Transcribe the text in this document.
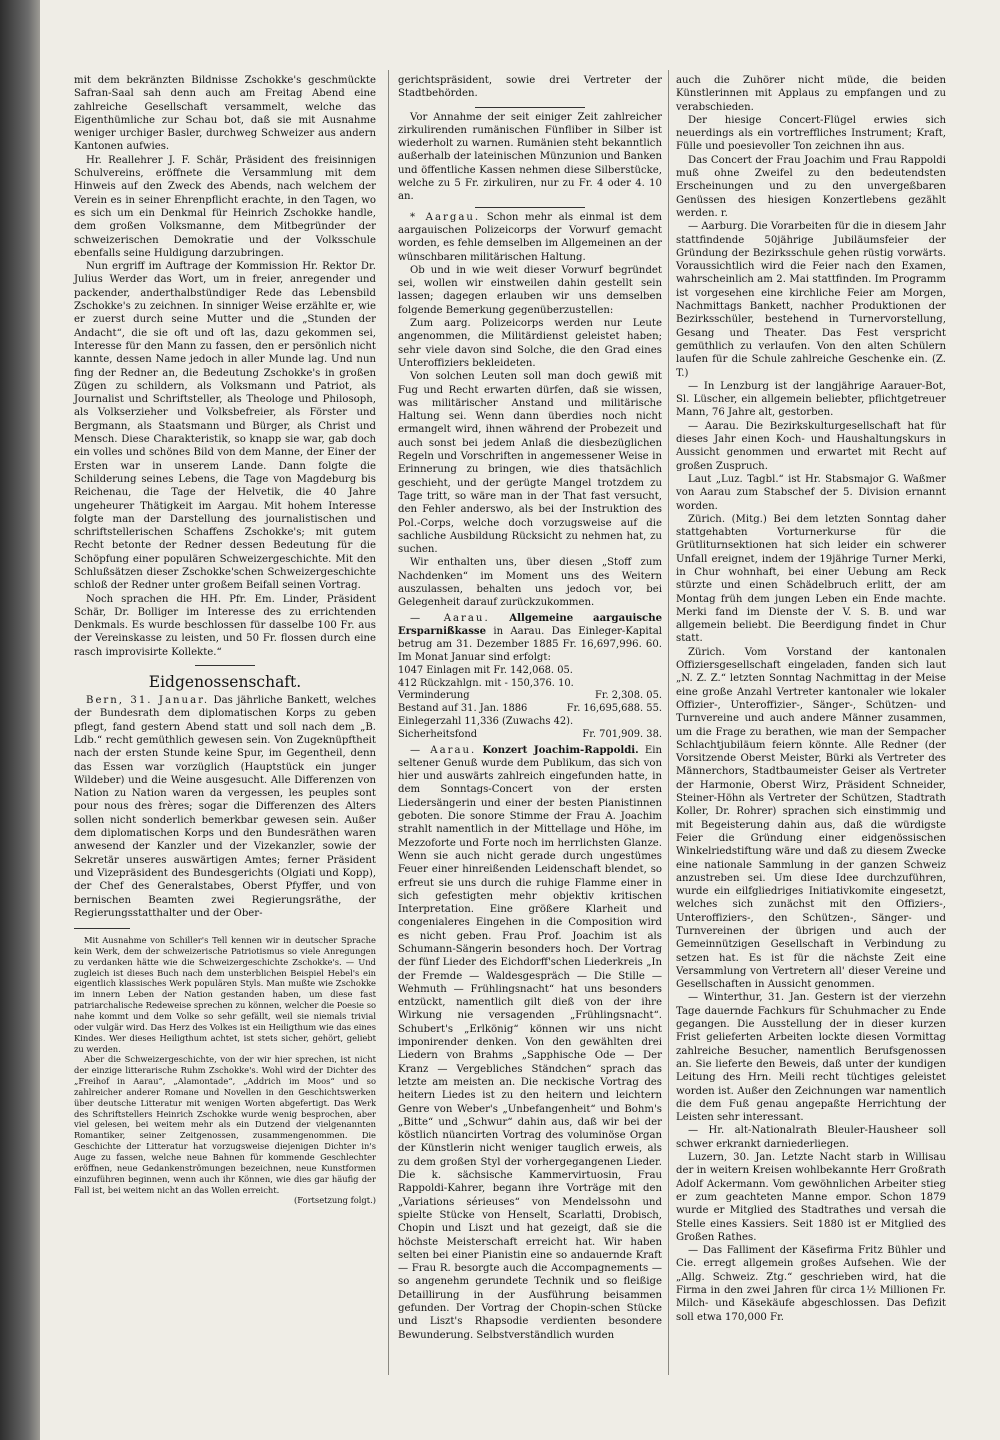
mit dem bekränzten Bildnisse Zschokke's geschmückte Safran-Saal sah denn auch am Freitag Abend eine zahlreiche Gesellschaft versammelt, welche das Eigenthümliche zur Schau bot, daß sie mit Ausnahme weniger urchiger Basler, durchweg Schweizer aus andern Kantonen aufwies.

Hr. Reallehrer J. F. Schär, Präsident des freisinnigen Schulvereins, eröffnete die Versammlung mit dem Hinweis auf den Zweck des Abends, nach welchem der Verein es in seiner Ehrenpflicht erachte, in den Tagen, wo es sich um ein Denkmal für Heinrich Zschokke handle, dem großen Volksmanne, dem Mitbegründer der schweizerischen Demokratie und der Volksschule ebenfalls seine Huldigung darzubringen.

Nun ergriff im Auftrage der Kommission Hr. Rektor Dr. Julius Werder das Wort, um in freier, anregender und packender, anderthalbstündiger Rede das Lebensbild Zschokke's zu zeichnen. In sinniger Weise erzählte er, wie er zuerst durch seine Mutter und die „Stunden der Andacht“, die sie oft und oft las, dazu gekommen sei, Interesse für den Mann zu fassen, den er persönlich nicht kannte, dessen Name jedoch in aller Munde lag. Und nun fing der Redner an, die Bedeutung Zschokke's in großen Zügen zu schildern, als Volksmann und Patriot, als Journalist und Schriftsteller, als Theologe und Philosoph, als Volkserzieher und Volksbefreier, als Förster und Bergmann, als Staatsmann und Bürger, als Christ und Mensch. Diese Charakteristik, so knapp sie war, gab doch ein volles und schönes Bild von dem Manne, der Einer der Ersten war in unserem Lande. Dann folgte die Schilderung seines Lebens, die Tage von Magdeburg bis Reichenau, die Tage der Helvetik, die 40 Jahre ungeheurer Thätigkeit im Aargau. Mit hohem Interesse folgte man der Darstellung des journalistischen und schriftstellerischen Schaffens Zschokke's; mit gutem Recht betonte der Redner dessen Bedeutung für die Schöpfung einer populären Schweizergeschichte. Mit den Schlußsätzen dieser Zschokke'schen Schweizergeschichte schloß der Redner unter großem Beifall seinen Vortrag.

Noch sprachen die HH. Pfr. Em. Linder, Präsident Schär, Dr. Bolliger im Interesse des zu errichtenden Denkmals. Es wurde beschlossen für dasselbe 100 Fr. aus der Vereinskasse zu leisten, und 50 Fr. flossen durch eine rasch improvisirte Kollekte.“

Eidgenossenschaft.

Bern, 31. Januar. Das jährliche Bankett, welches der Bundesrath dem diplomatischen Korps zu geben pflegt, fand gestern Abend statt und soll nach dem „B. Ldb.“ recht gemüthlich gewesen sein. Von Zugeknüpftheit nach der ersten Stunde keine Spur, im Gegentheil, denn das Essen war vorzüglich (Hauptstück ein junger Wildeber) und die Weine ausgesucht. Alle Differenzen von Nation zu Nation waren da vergessen, les peuples sont pour nous des frères; sogar die Differenzen des Alters sollen nicht sonderlich bemerkbar gewesen sein. Außer dem diplomatischen Korps und den Bundesräthen waren anwesend der Kanzler und der Vizekanzler, sowie der Sekretär unseres auswärtigen Amtes; ferner Präsident und Vizepräsident des Bundesgerichts (Olgiati und Kopp), der Chef des Generalstabes, Oberst Pfyffer, und von bernischen Beamten zwei Regierungsräthe, der Regierungsstatthalter und der Ober-

Mit Ausnahme von Schiller's Tell kennen wir in deutscher Sprache kein Werk, dem der schweizerische Patriotismus so viele Anregungen zu verdanken hätte wie die Schweizergeschichte Zschokke's. — Und zugleich ist dieses Buch nach dem unsterblichen Beispiel Hebel's ein eigentlich klassisches Werk populären Styls. Man mußte wie Zschokke im innern Leben der Nation gestanden haben, um diese fast patriarchalische Redeweise sprechen zu können, welcher die Poesie so nahe kommt und dem Volke so sehr gefällt, weil sie niemals trivial oder vulgär wird. Das Herz des Volkes ist ein Heiligthum wie das eines Kindes. Wer dieses Heiligthum achtet, ist stets sicher, gehört, geliebt zu werden.

Aber die Schweizergeschichte, von der wir hier sprechen, ist nicht der einzige litterarische Ruhm Zschokke's. Wohl wird der Dichter des „Freihof in Aarau“, „Alamontade“, „Addrich im Moos“ und so zahlreicher anderer Romane und Novellen in den Geschichtswerken über deutsche Litteratur mit wenigen Worten abgefertigt. Das Werk des Schriftstellers Heinrich Zschokke wurde wenig besprochen, aber viel gelesen, bei weitem mehr als ein Dutzend der vielgenannten Romantiker, seiner Zeitgenossen, zusammengenommen. Die Geschichte der Litteratur hat vorzugsweise diejenigen Dichter in's Auge zu fassen, welche neue Bahnen für kommende Geschlechter eröffnen, neue Gedankenströmungen bezeichnen, neue Kunstformen einzuführen beginnen, wenn auch ihr Können, wie dies gar häufig der Fall ist, bei weitem nicht an das Wollen erreicht.

(Fortsetzung folgt.)

gerichtspräsident, sowie drei Vertreter der Stadtbehörden.

Vor Annahme der seit einiger Zeit zahlreicher zirkulirenden rumänischen Fünfliber in Silber ist wiederholt zu warnen. Rumänien steht bekanntlich außerhalb der lateinischen Münzunion und Banken und öffentliche Kassen nehmen diese Silberstücke, welche zu 5 Fr. zirkuliren, nur zu Fr. 4 oder 4. 10 an.

* Aargau. Schon mehr als einmal ist dem aargauischen Polizeicorps der Vorwurf gemacht worden, es fehle demselben im Allgemeinen an der wünschbaren militärischen Haltung.

Ob und in wie weit dieser Vorwurf begründet sei, wollen wir einstweilen dahin gestellt sein lassen; dagegen erlauben wir uns demselben folgende Bemerkung gegenüberzustellen:

Zum aarg. Polizeicorps werden nur Leute angenommen, die Militärdienst geleistet haben; sehr viele davon sind Solche, die den Grad eines Unteroffiziers bekleideten.

Von solchen Leuten soll man doch gewiß mit Fug und Recht erwarten dürfen, daß sie wissen, was militärischer Anstand und militärische Haltung sei. Wenn dann überdies noch nicht ermangelt wird, ihnen während der Probezeit und auch sonst bei jedem Anlaß die diesbezüglichen Regeln und Vorschriften in angemessener Weise in Erinnerung zu bringen, wie dies thatsächlich geschieht, und der gerügte Mangel trotzdem zu Tage tritt, so wäre man in der That fast versucht, den Fehler anderswo, als bei der Instruktion des Pol.-Corps, welche doch vorzugsweise auf die sachliche Ausbildung Rücksicht zu nehmen hat, zu suchen.

Wir enthalten uns, über diesen „Stoff zum Nachdenken“ im Moment uns des Weitern auszulassen, behalten uns jedoch vor, bei Gelegenheit darauf zurückzukommen.

— Aarau. Allgemeine aargauische Ersparnißkasse in Aarau. Das Einleger-Kapital betrug am 31. Dezember 1885 Fr. 16,697,996. 60. Im Monat Januar sind erfolgt:

1047 Einlagen mit Fr. 142,068. 05.
412 Rückzahlgn. mit - 150,376. 10.
Verminderung	Fr. 2,308. 05.
Bestand auf 31. Jan. 1886	Fr. 16,695,688. 55.
Einlegerzahl 11,336 (Zuwachs 42).
Sicherheitsfond	Fr. 701,909. 38.

— Aarau. Konzert Joachim-Rappoldi. Ein seltener Genuß wurde dem Publikum, das sich von hier und auswärts zahlreich eingefunden hatte, in dem Sonntags-Concert von der ersten Liedersängerin und einer der besten Pianistinnen geboten. Die sonore Stimme der Frau A. Joachim strahlt namentlich in der Mittellage und Höhe, im Mezzoforte und Forte noch im herrlichsten Glanze. Wenn sie auch nicht gerade durch ungestümes Feuer einer hinreißenden Leidenschaft blendet, so erfreut sie uns durch die ruhige Flamme einer in sich gefestigten mehr objektiv kritischen Interpretation. Eine größere Klarheit und congenialeres Eingehen in die Composition wird es nicht geben. Frau Prof. Joachim ist als Schumann-Sängerin besonders hoch. Der Vortrag der fünf Lieder des Eichdorff'schen Liederkreis „In der Fremde — Waldesgespräch — Die Stille — Wehmuth — Frühlingsnacht“ hat uns besonders entzückt, namentlich gilt dieß von der ihre Wirkung nie versagenden „Frühlingsnacht“. Schubert's „Erlkönig“ können wir uns nicht imponirender denken. Von den gewählten drei Liedern von Brahms „Sapphische Ode — Der Kranz — Vergebliches Ständchen“ sprach das letzte am meisten an. Die neckische Vortrag des heitern Liedes ist zu den heitern und leichtern Genre von Weber's „Unbefangenheit“ und Bohm's „Bitte“ und „Schwur“ dahin aus, daß wir bei der köstlich nüancirten Vortrag des voluminöse Organ der Künstlerin nicht weniger tauglich erweis, als zu dem großen Styl der vorhergegangenen Lieder. Die k. sächsische Kammervirtuosin, Frau Rappoldi-Kahrer, begann ihre Vorträge mit den „Variations sérieuses“ von Mendelssohn und spielte Stücke von Henselt, Scarlatti, Drobisch, Chopin und Liszt und hat gezeigt, daß sie die höchste Meisterschaft erreicht hat. Wir haben selten bei einer Pianistin eine so andauernde Kraft — Frau R. besorgte auch die Accompagnements — so angenehm gerundete Technik und so fleißige Detaillirung in der Ausführung beisammen gefunden. Der Vortrag der Chopin-schen Stücke und Liszt's Rhapsodie verdienten besondere Bewunderung. Selbstverständlich wurden

auch die Zuhörer nicht müde, die beiden Künstlerinnen mit Applaus zu empfangen und zu verabschieden.

Der hiesige Concert-Flügel erwies sich neuerdings als ein vortreffliches Instrument; Kraft, Fülle und poesievoller Ton zeichnen ihn aus.

Das Concert der Frau Joachim und Frau Rappoldi muß ohne Zweifel zu den bedeutendsten Erscheinungen und zu den unvergeßbaren Genüssen des hiesigen Konzertlebens gezählt werden. r.

— Aarburg. Die Vorarbeiten für die in diesem Jahr stattfindende 50jährige Jubiläumsfeier der Gründung der Bezirksschule gehen rüstig vorwärts. Voraussichtlich wird die Feier nach den Examen, wahrscheinlich am 2. Mai stattfinden. Im Programm ist vorgesehen eine kirchliche Feier am Morgen, Nachmittags Bankett, nachher Produktionen der Bezirksschüler, bestehend in Turnervorstellung, Gesang und Theater. Das Fest verspricht gemüthlich zu verlaufen. Von den alten Schülern laufen für die Schule zahlreiche Geschenke ein. (Z. T.)

— In Lenzburg ist der langjährige Aarauer-Bot, Sl. Lüscher, ein allgemein beliebter, pflichtgetreuer Mann, 76 Jahre alt, gestorben.

— Aarau. Die Bezirkskulturgesellschaft hat für dieses Jahr einen Koch- und Haushaltungskurs in Aussicht genommen und erwartet mit Recht auf großen Zuspruch.

Laut „Luz. Tagbl.“ ist Hr. Stabsmajor G. Waßmer von Aarau zum Stabschef der 5. Division ernannt worden.

Zürich. (Mitg.) Bei dem letzten Sonntag daher stattgehabten Vorturnerkurse für die Grütliturnsektionen hat sich leider ein schwerer Unfall ereignet, indem der 19jährige Turner Merki, in Chur wohnhaft, bei einer Uebung am Reck stürzte und einen Schädelbruch erlitt, der am Montag früh dem jungen Leben ein Ende machte. Merki fand im Dienste der V. S. B. und war allgemein beliebt. Die Beerdigung findet in Chur statt.

Zürich. Vom Vorstand der kantonalen Offiziersgesellschaft eingeladen, fanden sich laut „N. Z. Z.“ letzten Sonntag Nachmittag in der Meise eine große Anzahl Vertreter kantonaler wie lokaler Offizier-, Unteroffizier-, Sänger-, Schützen- und Turnvereine und auch andere Männer zusammen, um die Frage zu berathen, wie man der Sempacher Schlachtjubiläum feiern könnte. Alle Redner (der Vorsitzende Oberst Meister, Bürki als Vertreter des Männerchors, Stadtbaumeister Geiser als Vertreter der Harmonie, Oberst Wirz, Präsident Schneider, Steiner-Höhn als Vertreter der Schützen, Stadtrath Koller, Dr. Rohrer) sprachen sich einstimmig und mit Begeisterung dahin aus, daß die würdigste Feier die Gründung einer eidgenössischen Winkelriedstiftung wäre und daß zu diesem Zwecke eine nationale Sammlung in der ganzen Schweiz anzustreben sei. Um diese Idee durchzuführen, wurde ein eilfgliedriges Initiativkomite eingesetzt, welches sich zunächst mit den Offiziers-, Unteroffiziers-, den Schützen-, Sänger- und Turnvereinen der übrigen und auch der Gemeinnützigen Gesellschaft in Verbindung zu setzen hat. Es ist für die nächste Zeit eine Versammlung von Vertretern all' dieser Vereine und Gesellschaften in Aussicht genommen.

— Winterthur, 31. Jan. Gestern ist der vierzehn Tage dauernde Fachkurs für Schuhmacher zu Ende gegangen. Die Ausstellung der in dieser kurzen Frist gelieferten Arbeiten lockte diesen Vormittag zahlreiche Besucher, namentlich Berufsgenossen an. Sie lieferte den Beweis, daß unter der kundigen Leitung des Hrn. Meili recht tüchtiges geleistet worden ist. Außer den Zeichnungen war namentlich die dem Fuß genau angepaßte Herrichtung der Leisten sehr interessant.

— Hr. alt-Nationalrath Bleuler-Hausheer soll schwer erkrankt darniederliegen.

Luzern, 30. Jan. Letzte Nacht starb in Willisau der in weitern Kreisen wohlbekannte Herr Großrath Adolf Ackermann. Vom gewöhnlichen Arbeiter stieg er zum geachteten Manne empor. Schon 1879 wurde er Mitglied des Stadtrathes und versah die Stelle eines Kassiers. Seit 1880 ist er Mitglied des Großen Rathes.

— Das Falliment der Käsefirma Fritz Bühler und Cie. erregt allgemein großes Aufsehen. Wie der „Allg. Schweiz. Ztg.“ geschrieben wird, hat die Firma in den zwei Jahren für circa 1½ Millionen Fr. Milch- und Käsekäufe abgeschlossen. Das Defizit soll etwa 170,000 Fr.
